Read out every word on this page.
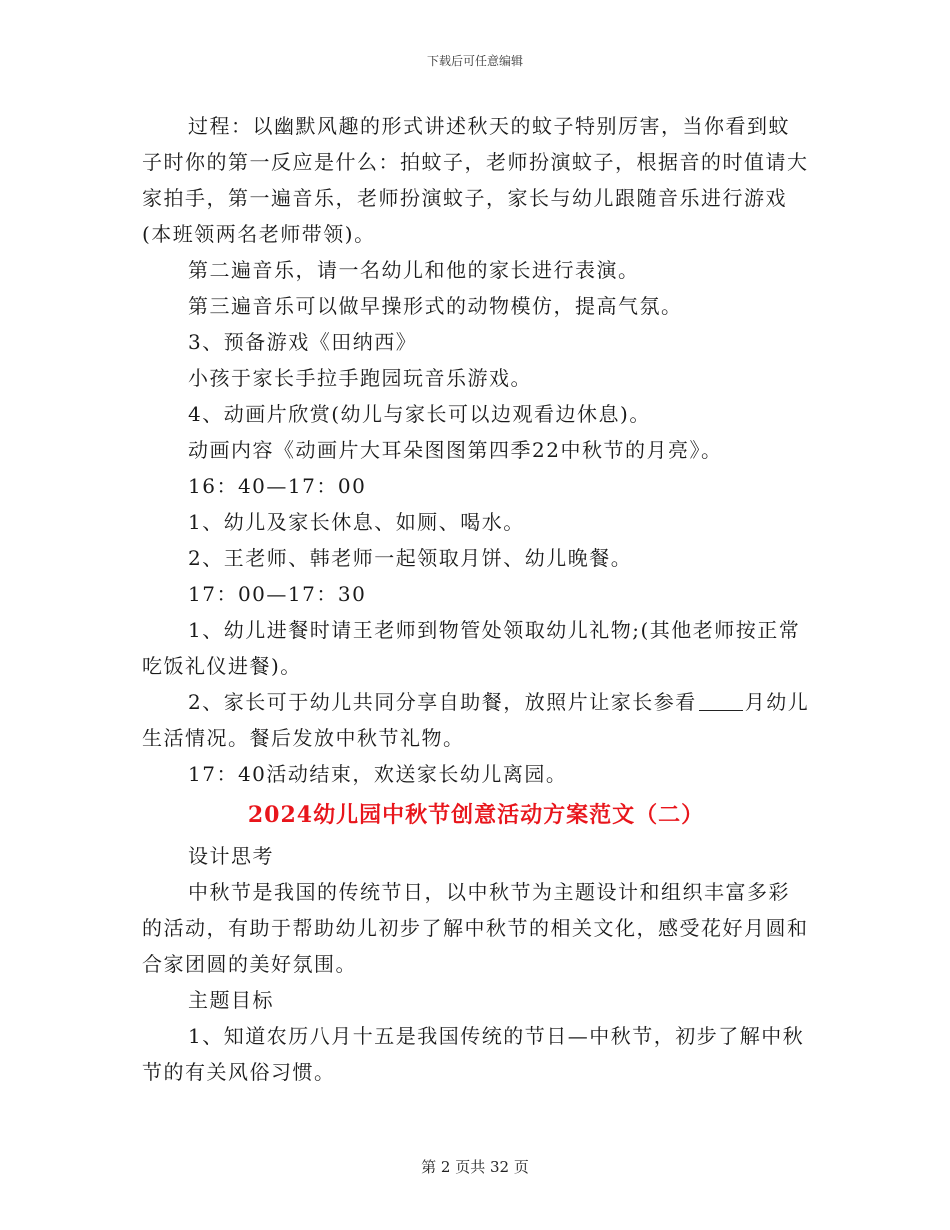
下载后可任意编辑

过程：以幽默风趣的形式讲述秋天的蚊子特别厉害，当你看到蚊子时你的第一反应是什么：拍蚊子，老师扮演蚊子，根据音的时值请大家拍手，第一遍音乐，老师扮演蚊子，家长与幼儿跟随音乐进行游戏(本班领两名老师带领)。

第二遍音乐，请一名幼儿和他的家长进行表演。

第三遍音乐可以做早操形式的动物模仿，提高气氛。

3、预备游戏《田纳西》

小孩于家长手拉手跑园玩音乐游戏。

4、动画片欣赏(幼儿与家长可以边观看边休息)。

动画内容《动画片大耳朵图图第四季22中秋节的月亮》。

16：40—17：00

1、幼儿及家长休息、如厕、喝水。

2、王老师、韩老师一起领取月饼、幼儿晚餐。

17：00—17：30

1、幼儿进餐时请王老师到物管处领取幼儿礼物;(其他老师按正常吃饭礼仪进餐)。

2、家长可于幼儿共同分享自助餐，放照片让家长参看 月幼儿生活情况。餐后发放中秋节礼物。

17：40活动结束，欢送家长幼儿离园。

2024幼儿园中秋节创意活动方案范文（二）

设计思考

中秋节是我国的传统节日，以中秋节为主题设计和组织丰富多彩的活动，有助于帮助幼儿初步了解中秋节的相关文化，感受花好月圆和合家团圆的美好氛围。

主题目标

1、知道农历八月十五是我国传统的节日—中秋节，初步了解中秋节的有关风俗习惯。

第 2 页共 32 页
